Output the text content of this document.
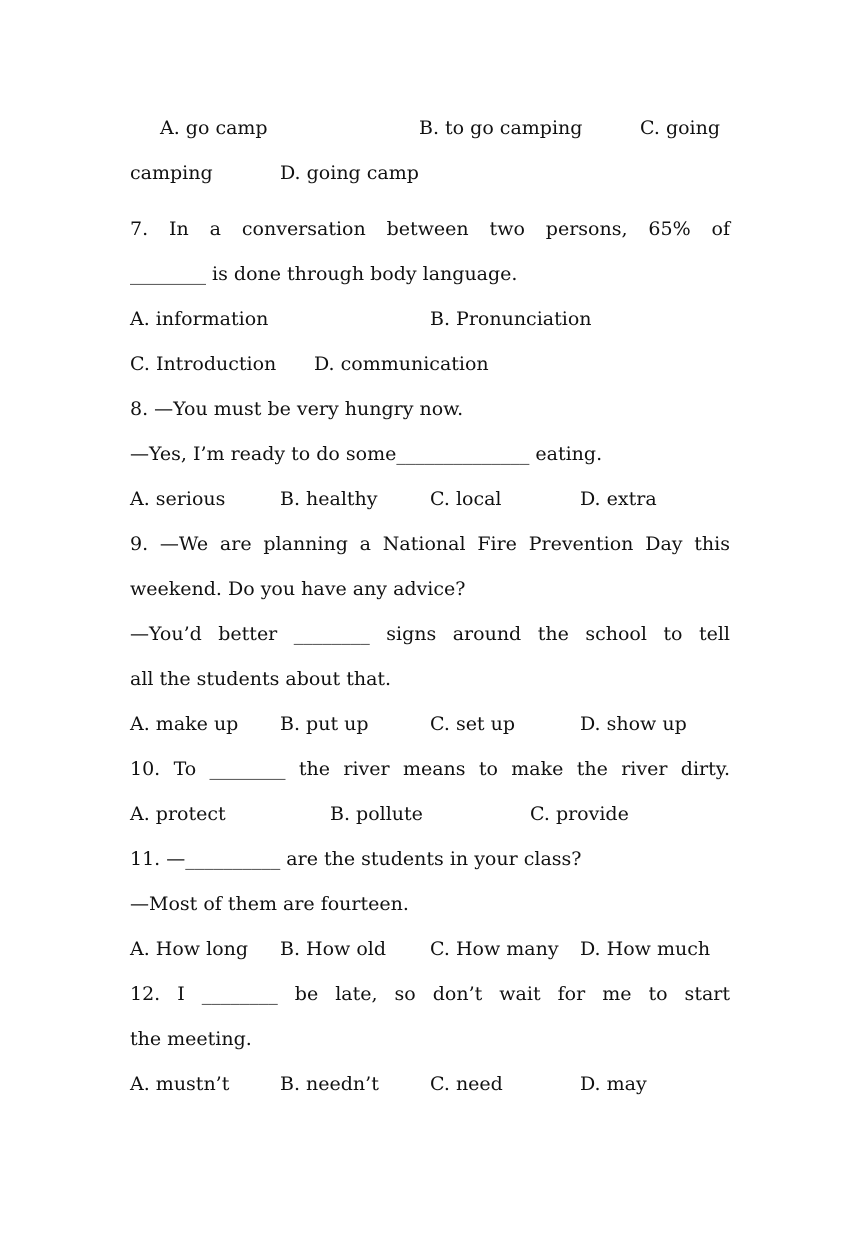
A. go camp

	B. to go camping

	C. going

camping

	D. going camp

7. In a conversation between two persons, 65% of

________ is done through body language.

A. information

	B. Pronunciation

C. Introduction

D. communication

8. —You must be very hungry now.

—Yes, I’m ready to do some______________ eating.

A. serious

	B. healthy

	C. local

	D. extra

9. —We are planning a National Fire Prevention Day this

weekend. Do you have any advice?

—You’d better ________ signs around the school to tell

all the students about that.

A. make up

B. put up

	C. set up

	D. show up

10. To ________ the river means to make the river dirty.

A. protect

	B. pollute

	C. provide

11. —__________ are the students in your class?

—Most of them are fourteen.

A. How long

B. How old

C. How many

D. How much

12. I ________ be late, so don’t wait for me to start

the meeting.

A. mustn’t

	B. needn’t

	C. need

	D. may
